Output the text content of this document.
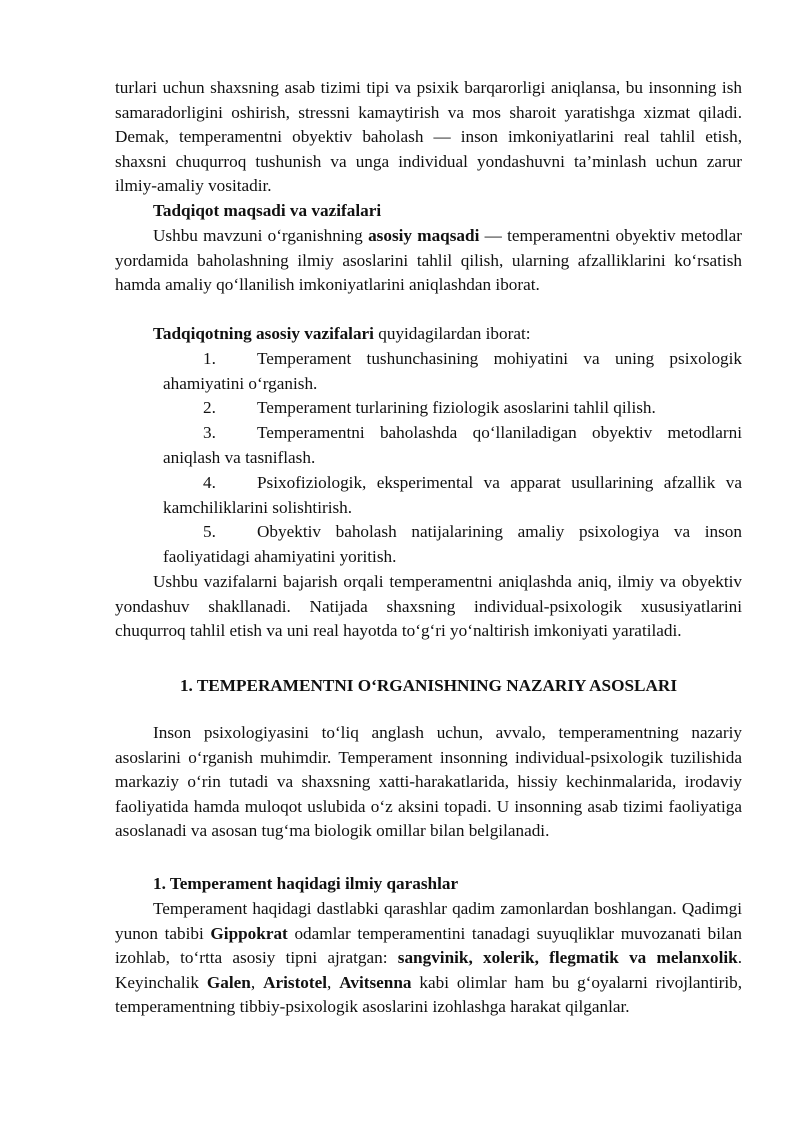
turlari uchun shaxsning asab tizimi tipi va psixik barqarorligi aniqlansa, bu insonning ish samaradorligini oshirish, stressni kamaytirish va mos sharoit yaratishga xizmat qiladi. Demak, temperamentni obyektiv baholash — inson imkoniyatlarini real tahlil etish, shaxsni chuqurroq tushunish va unga individual yondashuvni ta’minlash uchun zarur ilmiy-amaliy vositadir.
Tadqiqot maqsadi va vazifalari
Ushbu mavzuni o‘rganishning asosiy maqsadi — temperamentni obyektiv metodlar yordamida baholashning ilmiy asoslarini tahlil qilish, ularning afzalliklarini ko‘rsatish hamda amaliy qo‘llanilish imkoniyatlarini aniqlashdan iborat.
Tadqiqotning asosiy vazifalari quyidagilardan iborat:
1.	Temperament tushunchasining mohiyatini va uning psixologik
ahamiyatini o‘rganish.
2.	Temperament turlarining fiziologik asoslarini tahlil qilish.
3.	Temperamentni baholashda qo‘llaniladigan obyektiv metodlarni
aniqlash va tasniflash.
4.	Psixofiziologik, eksperimental va apparat usullarining afzallik va
kamchiliklarini solishtirish.
5.	Obyektiv baholash natijalarining amaliy psixologiya va inson
faoliyatidagi ahamiyatini yoritish.
Ushbu vazifalarni bajarish orqali temperamentni aniqlashda aniq, ilmiy va obyektiv yondashuv shakllanadi. Natijada shaxsning individual-psixologik xususiyatlarini chuqurroq tahlil etish va uni real hayotda to‘g‘ri yo‘naltirish imkoniyati yaratiladi.
1. TEMPERAMENTNI O‘RGANISHNING NAZARIY ASOSLARI
Inson psixologiyasini to‘liq anglash uchun, avvalo, temperamentning nazariy asoslarini o‘rganish muhimdir. Temperament insonning individual-psixologik tuzilishida markaziy o‘rin tutadi va shaxsning xatti-harakatlarida, hissiy kechinmalarida, irodaviy faoliyatida hamda muloqot uslubida o‘z aksini topadi. U insonning asab tizimi faoliyatiga asoslanadi va asosan tug‘ma biologik omillar bilan belgilanadi.
1. Temperament haqidagi ilmiy qarashlar
Temperament haqidagi dastlabki qarashlar qadim zamonlardan boshlangan. Qadimgi yunon tabibi Gippokrat odamlar temperamentini tanadagi suyuqliklar muvozanati bilan izohlab, to‘rtta asosiy tipni ajratgan: sangvinik, xolerik, flegmatik va melanxolik. Keyinchalik Galen, Aristotel, Avitsenna kabi olimlar ham bu g‘oyalarni rivojlantirib, temperamentning tibbiy-psixologik asoslarini izohlashga harakat qilganlar.
